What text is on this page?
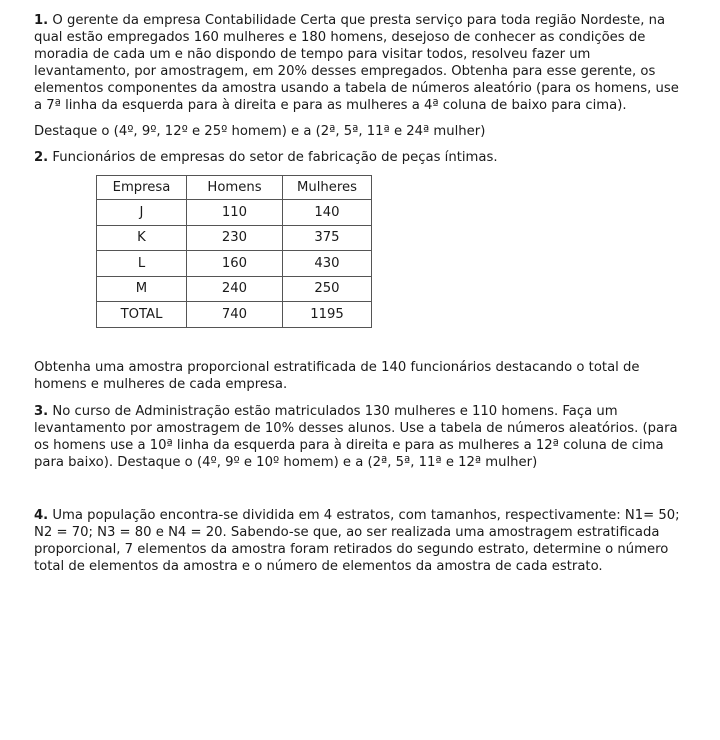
1. O gerente da empresa Contabilidade Certa que presta serviço para toda região Nordeste, na qual estão empregados 160 mulheres e 180 homens, desejoso de conhecer as condições de moradia de cada um e não dispondo de tempo para visitar todos, resolveu fazer um levantamento, por amostragem, em 20% desses empregados. Obtenha para esse gerente, os elementos componentes da amostra usando a tabela de números aleatório (para os homens, use a 7ª linha da esquerda para à direita e para as mulheres a 4ª coluna de baixo para cima).

Destaque o (4º, 9º, 12º e 25º homem) e a (2ª, 5ª, 11ª e 24ª mulher)

2. Funcionários de empresas do setor de fabricação de peças íntimas.

Empresa	Homens	Mulheres
J	110	140
K	230	375
L	160	430
M	240	250
TOTAL	740	1195

Obtenha uma amostra proporcional estratificada de 140 funcionários destacando o total de homens e mulheres de cada empresa.

3. No curso de Administração estão matriculados 130 mulheres e 110 homens. Faça um levantamento por amostragem de 10% desses alunos. Use a tabela de números aleatórios. (para os homens use a 10ª linha da esquerda para à direita e para as mulheres a 12ª coluna de cima para baixo). Destaque o (4º, 9º e 10º homem) e a (2ª, 5ª, 11ª e 12ª mulher)

4. Uma população encontra-se dividida em 4 estratos, com tamanhos, respectivamente: N1= 50; N2 = 70; N3 = 80 e N4 = 20. Sabendo-se que, ao ser realizada uma amostragem estratificada proporcional, 7 elementos da amostra foram retirados do segundo estrato, determine o número total de elementos da amostra e o número de elementos da amostra de cada estrato.
